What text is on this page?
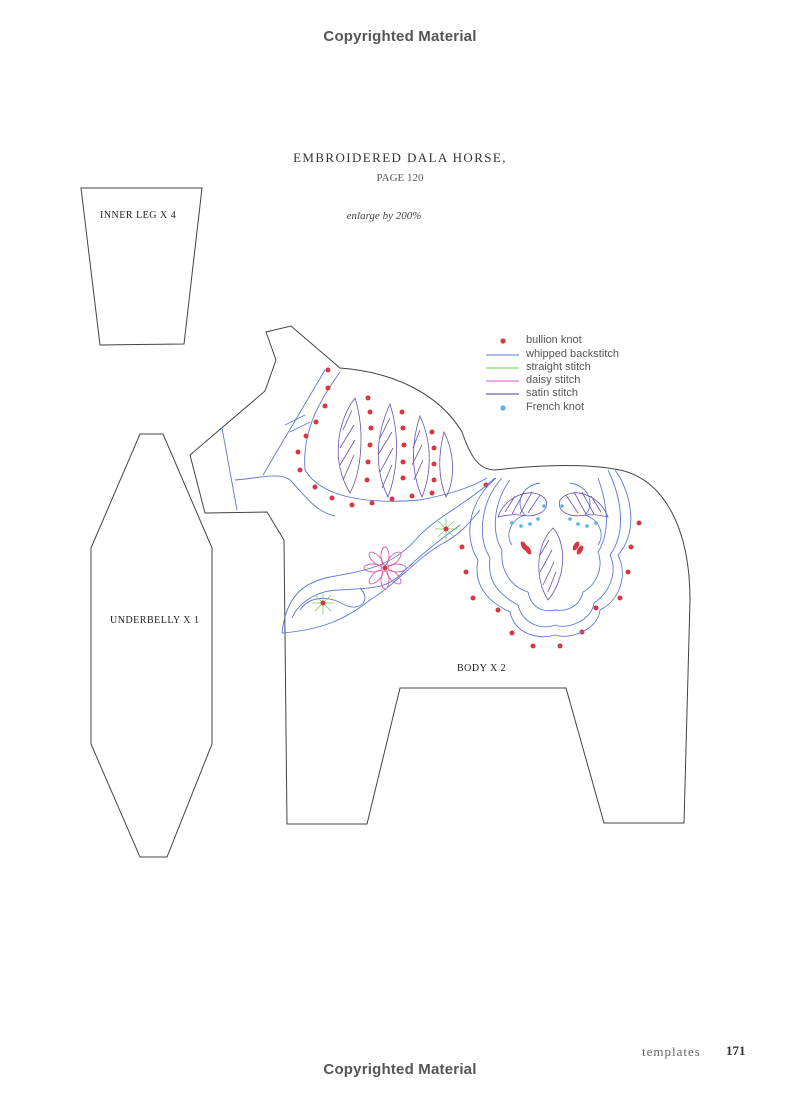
Copyrighted Material
Copyrighted Material
EMBROIDERED DALA HORSE,
PAGE 120
enlarge by 200%
INNER LEG X 4
UNDERBELLY X 1
BODY X 2
bullion knot
whipped backstitch
straight stitch
daisy stitch
satin stitch
French knot
templates 171
